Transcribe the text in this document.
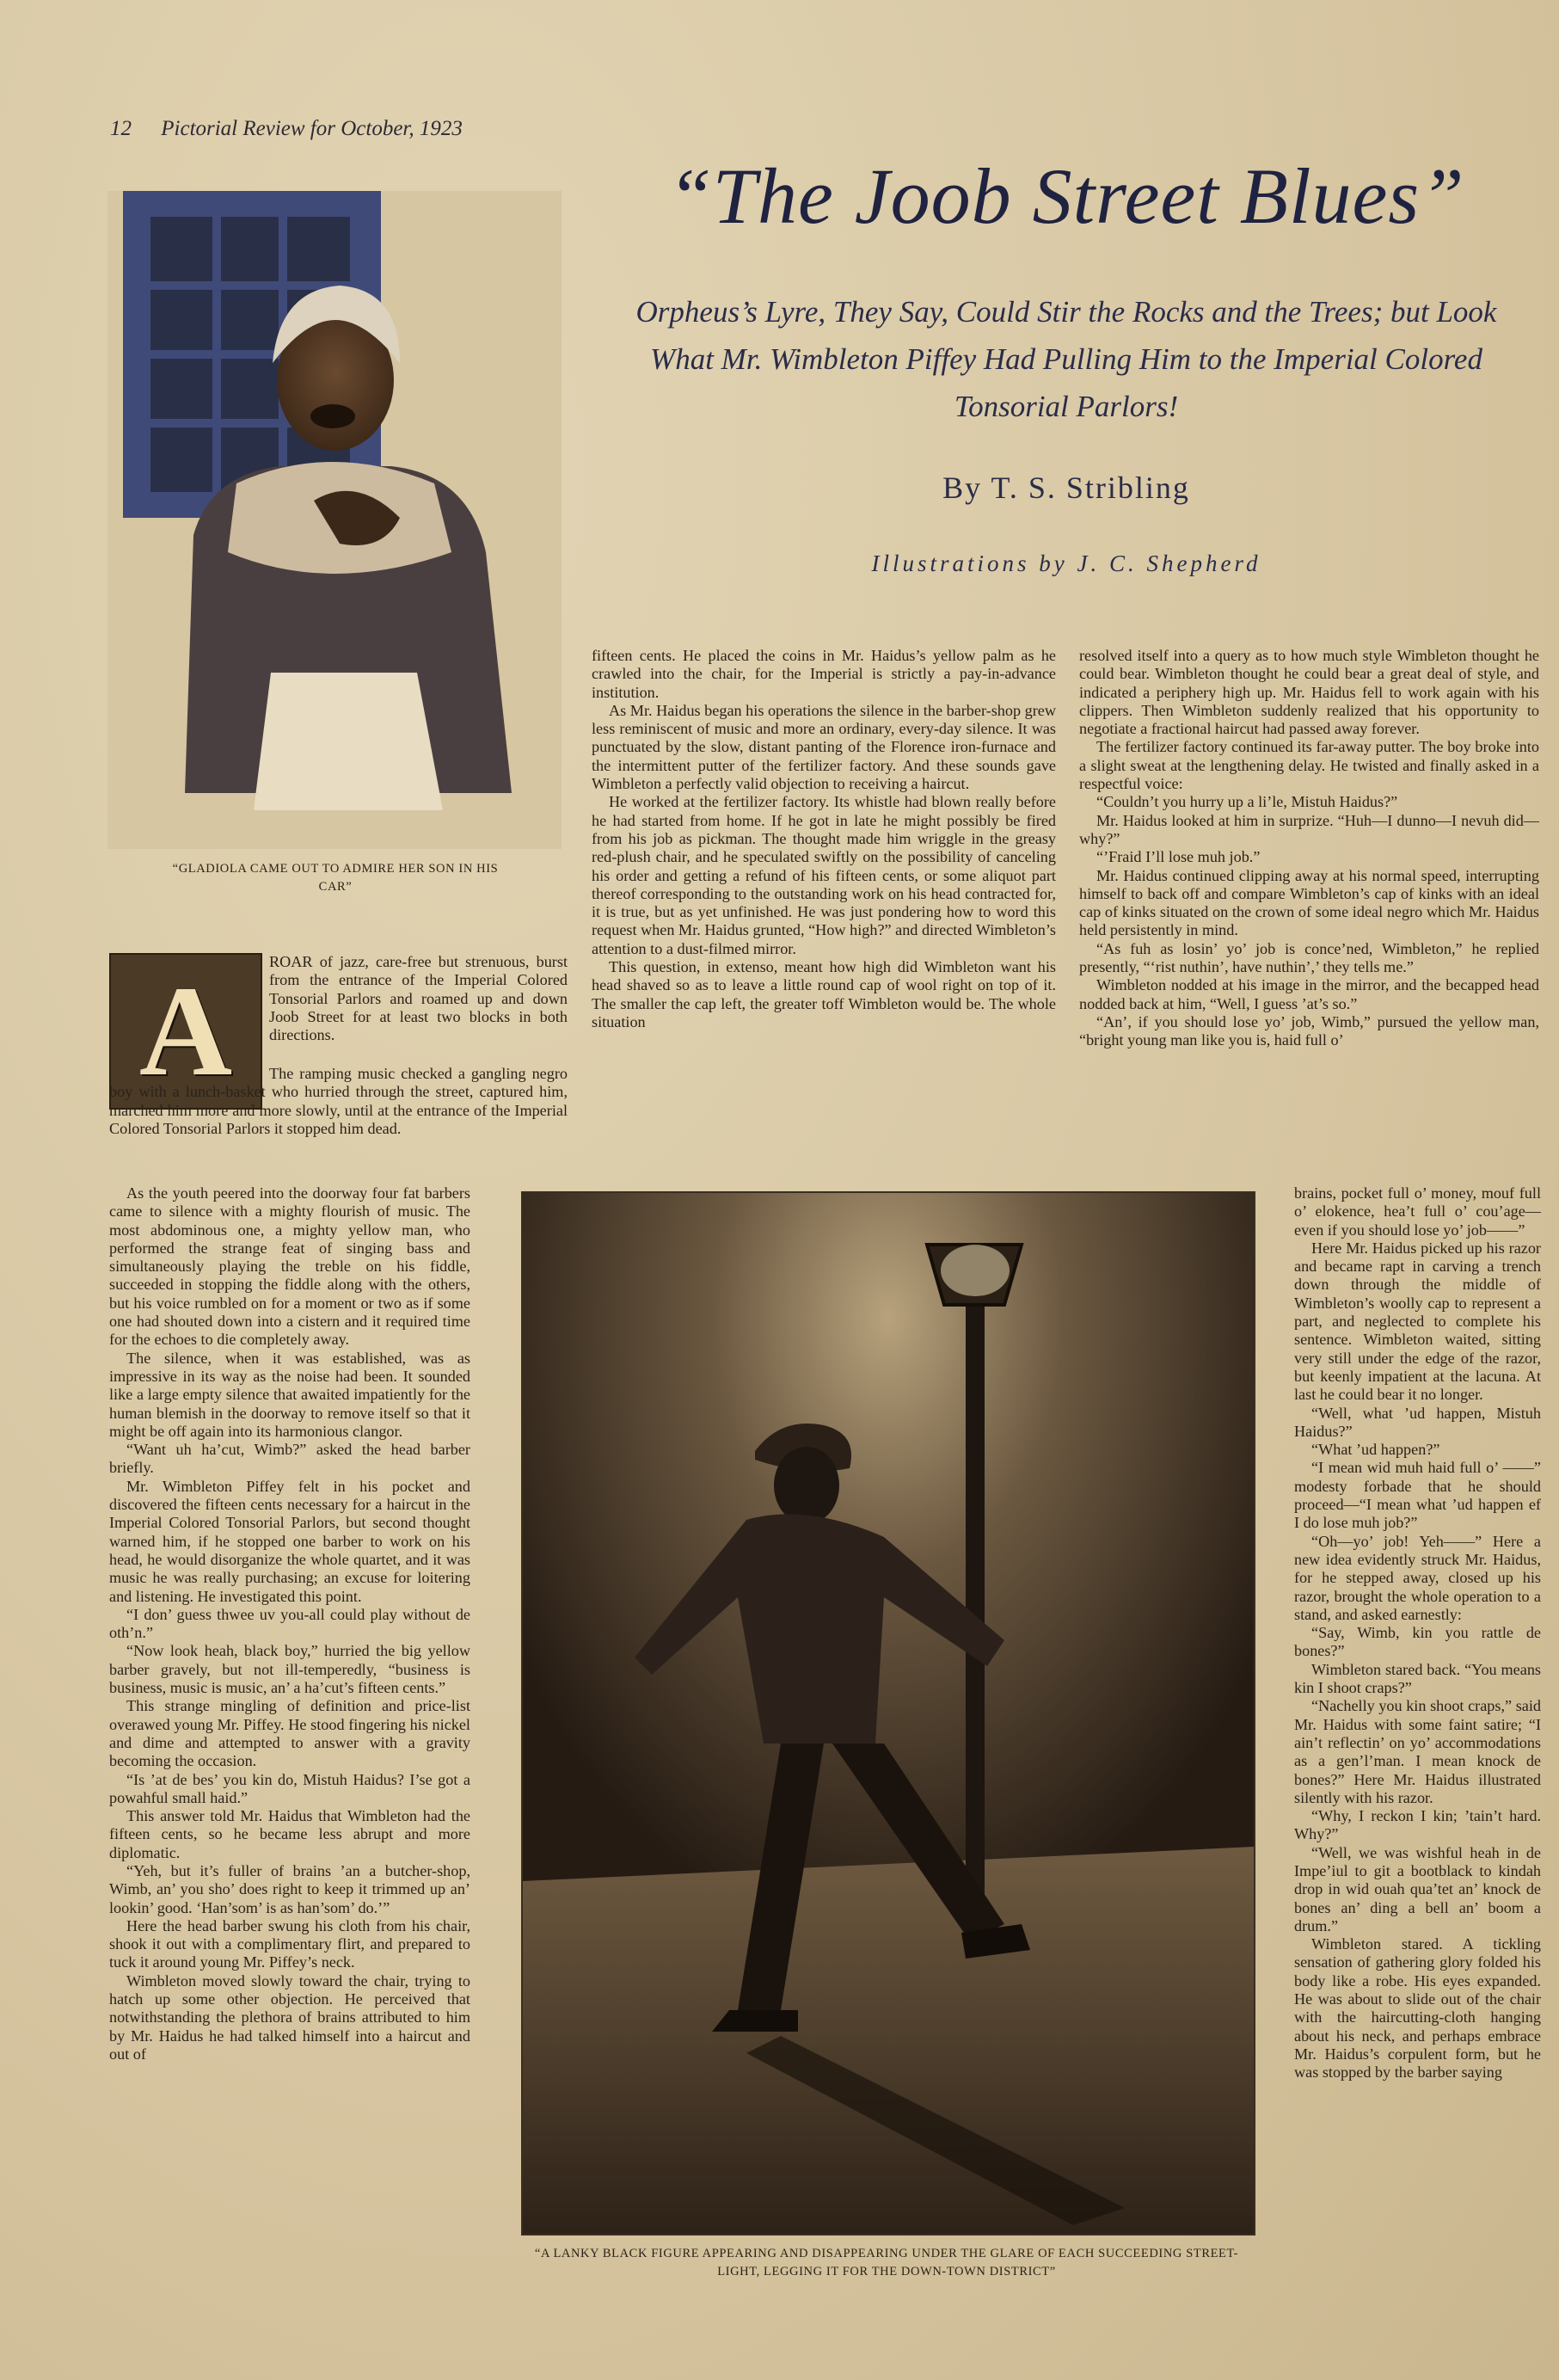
12 Pictorial Review for October, 1923
“The Joob Street Blues”
Orpheus’s Lyre, They Say, Could Stir the Rocks and the Trees; but Look What Mr. Wimbleton Piffey Had Pulling Him to the Imperial Colored Tonsorial Parlors!
By T. S. Stribling
Illustrations by J. C. Shepherd
“GLADIOLA CAME OUT TO ADMIRE HER SON IN HIS CAR”
A	ROAR of jazz, care-free but strenuous, burst from the entrance of the Imperial Colored Tonsorial Parlors and roamed up and down Joob Street for at least two blocks in both directions.

The ramping music checked a gangling negro boy with a lunch-basket who hurried through the street, captured him, marched him more and more slowly, until at the entrance of the Imperial Colored Tonsorial Parlors it stopped him dead.

As the youth peered into the doorway four fat barbers came to silence with a mighty flourish of music. The most abdominous one, a mighty yellow man, who performed the strange feat of singing bass and simultaneously playing the treble on his fiddle, succeeded in stopping the fiddle along with the others, but his voice rumbled on for a moment or two as if some one had shouted down into a cistern and it required time for the echoes to die completely away.

The silence, when it was established, was as impressive in its way as the noise had been. It sounded like a large empty silence that awaited impatiently for the human blemish in the doorway to remove itself so that it might be off again into its harmonious clangor.

“Want uh ha’cut, Wimb?” asked the head barber briefly.

Mr. Wimbleton Piffey felt in his pocket and discovered the fifteen cents necessary for a haircut in the Imperial Colored Tonsorial Parlors, but second thought warned him, if he stopped one barber to work on his head, he would disorganize the whole quartet, and it was music he was really purchasing; an excuse for loitering and listening. He investigated this point.

“I don’ guess thwee uv you-all could play without de oth’n.”

“Now look heah, black boy,” hurried the big yellow barber gravely, but not ill-temperedly, “business is business, music is music, an’ a ha’cut’s fifteen cents.”

This strange mingling of definition and price-list overawed young Mr. Piffey. He stood fingering his nickel and dime and attempted to answer with a gravity becoming the occasion.

“Is ’at de bes’ you kin do, Mistuh Haidus? I’se got a powahful small haid.”

This answer told Mr. Haidus that Wimbleton had the fifteen cents, so he became less abrupt and more diplomatic.

“Yeh, but it’s fuller of brains ’an a butcher-shop, Wimb, an’ you sho’ does right to keep it trimmed up an’ lookin’ good. ‘Han’som’ is as han’som’ do.’”

Here the head barber swung his cloth from his chair, shook it out with a complimentary flirt, and prepared to tuck it around young Mr. Piffey’s neck.

Wimbleton moved slowly toward the chair, trying to hatch up some other objection. He perceived that notwithstanding the plethora of brains attributed to him by Mr. Haidus he had talked himself into a haircut and out of

fifteen cents. He placed the coins in Mr. Haidus’s yellow palm as he crawled into the chair, for the Imperial is strictly a pay-in-advance institution.

As Mr. Haidus began his operations the silence in the barber-shop grew less reminiscent of music and more an ordinary, every-day silence. It was punctuated by the slow, distant panting of the Florence iron-furnace and the intermittent putter of the fertilizer factory. And these sounds gave Wimbleton a perfectly valid objection to receiving a haircut.

He worked at the fertilizer factory. Its whistle had blown really before he had started from home. If he got in late he might possibly be fired from his job as pickman. The thought made him wriggle in the greasy red-plush chair, and he speculated swiftly on the possibility of canceling his order and getting a refund of his fifteen cents, or some aliquot part thereof corresponding to the outstanding work on his head contracted for, it is true, but as yet unfinished. He was just pondering how to word this request when Mr. Haidus grunted, “How high?” and directed Wimbleton’s attention to a dust-filmed mirror.

This question, in extenso, meant how high did Wimbleton want his head shaved so as to leave a little round cap of wool right on top of it. The smaller the cap left, the greater toff Wimbleton would be. The whole situation

resolved itself into a query as to how much style Wimbleton thought he could bear. Wimbleton thought he could bear a great deal of style, and indicated a periphery high up. Mr. Haidus fell to work again with his clippers. Then Wimbleton suddenly realized that his opportunity to negotiate a fractional haircut had passed away forever.

The fertilizer factory continued its far-away putter. The boy broke into a slight sweat at the lengthening delay. He twisted and finally asked in a respectful voice:

“Couldn’t you hurry up a li’le, Mistuh Haidus?”

Mr. Haidus looked at him in surprize. “Huh—I dunno—I nevuh did—why?”

“’Fraid I’ll lose muh job.”

Mr. Haidus continued clipping away at his normal speed, interrupting himself to back off and compare Wimbleton’s cap of kinks with an ideal cap of kinks situated on the crown of some ideal negro which Mr. Haidus held persistently in mind.

“As fuh as losin’ yo’ job is conce’ned, Wimbleton,” he replied presently, “‘rist nuthin’, have nuthin’,’ they tells me.”

Wimbleton nodded at his image in the mirror, and the becapped head nodded back at him, “Well, I guess ’at’s so.”

“An’, if you should lose yo’ job, Wimb,” pursued the yellow man, “bright young man like you is, haid full o’

brains, pocket full o’ money, mouf full o’ elokence, hea’t full o’ cou’age—even if you should lose yo’ job——”

Here Mr. Haidus picked up his razor and became rapt in carving a trench down through the middle of Wimbleton’s woolly cap to represent a part, and neglected to complete his sentence. Wimbleton waited, sitting very still under the edge of the razor, but keenly impatient at the lacuna. At last he could bear it no longer.

“Well, what ’ud happen, Mistuh Haidus?”

“What ’ud happen?”

“I mean wid muh haid full o’ ——” modesty forbade that he should proceed—“I mean what ’ud happen ef I do lose muh job?”

“Oh—yo’ job! Yeh——” Here a new idea evidently struck Mr. Haidus, for he stepped away, closed up his razor, brought the whole operation to a stand, and asked earnestly:

“Say, Wimb, kin you rattle de bones?”

Wimbleton stared back. “You means kin I shoot craps?”

“Nachelly you kin shoot craps,” said Mr. Haidus with some faint satire; “I ain’t reflectin’ on yo’ accommodations as a gen’l’man. I mean knock de bones?” Here Mr. Haidus illustrated silently with his razor.

“Why, I reckon I kin; ’tain’t hard. Why?”

“Well, we was wishful heah in de Impe’iul to git a bootblack to kindah drop in wid ouah qua’tet an’ knock de bones an’ ding a bell an’ boom a drum.”

Wimbleton stared. A tickling sensation of gathering glory folded his body like a robe. His eyes expanded. He was about to slide out of the chair with the haircutting-cloth hanging about his neck, and perhaps embrace Mr. Haidus’s corpulent form, but he was stopped by the barber saying

“A LANKY BLACK FIGURE APPEARING AND DISAPPEARING UNDER THE GLARE OF EACH SUCCEEDING STREET-LIGHT, LEGGING IT FOR THE DOWN-TOWN DISTRICT”
